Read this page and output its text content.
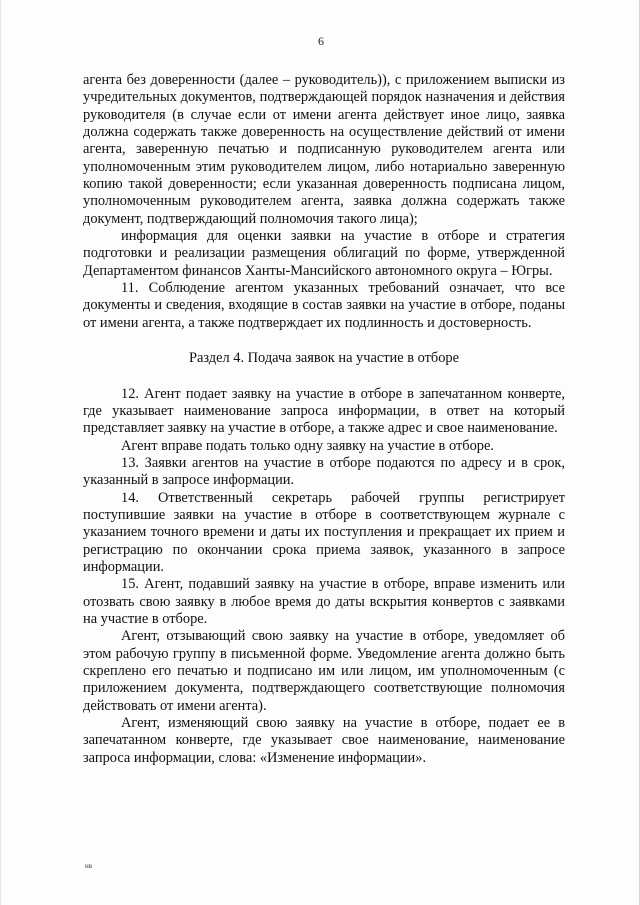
6

агента без доверенности (далее – руководитель)), с приложением выписки из учредительных документов, подтверждающей порядок назначения и действия руководителя (в случае если от имени агента действует иное лицо, заявка должна содержать также доверенность на осуществление действий от имени агента, заверенную печатью и подписанную руководителем агента или уполномоченным этим руководителем лицом, либо нотариально заверенную копию такой доверенности; если указанная доверенность подписана лицом, уполномоченным руководителем агента, заявка должна содержать также документ, подтверждающий полномочия такого лица);

информация для оценки заявки на участие в отборе и стратегия подготовки и реализации размещения облигаций по форме, утвержденной Департаментом финансов Ханты-Мансийского автономного округа – Югры.

11. Соблюдение агентом указанных требований означает, что все документы и сведения, входящие в состав заявки на участие в отборе, поданы от имени агента, а также подтверждает их подлинность и достоверность.

Раздел 4. Подача заявок на участие в отборе

12. Агент подает заявку на участие в отборе в запечатанном конверте, где указывает наименование запроса информации, в ответ на который представляет заявку на участие в отборе, а также адрес и свое наименование.

Агент вправе подать только одну заявку на участие в отборе.

13. Заявки агентов на участие в отборе подаются по адресу и в срок, указанный в запросе информации.

14. Ответственный секретарь рабочей группы регистрирует поступившие заявки на участие в отборе в соответствующем журнале с указанием точного времени и даты их поступления и прекращает их прием и регистрацию по окончании срока приема заявок, указанного в запросе информации.

15. Агент, подавший заявку на участие в отборе, вправе изменить или отозвать свою заявку в любое время до даты вскрытия конвертов с заявками на участие в отборе.

Агент, отзывающий свою заявку на участие в отборе, уведомляет об этом рабочую группу в письменной форме. Уведомление агента должно быть скреплено его печатью и подписано им или лицом, им уполномоченным (с приложением документа, подтверждающего соответствующие полномочия действовать от имени агента).

Агент, изменяющий свою заявку на участие в отборе, подает ее в запечатанном конверте, где указывает свое наименование, наименование запроса информации, слова: «Изменение информации».

нв
